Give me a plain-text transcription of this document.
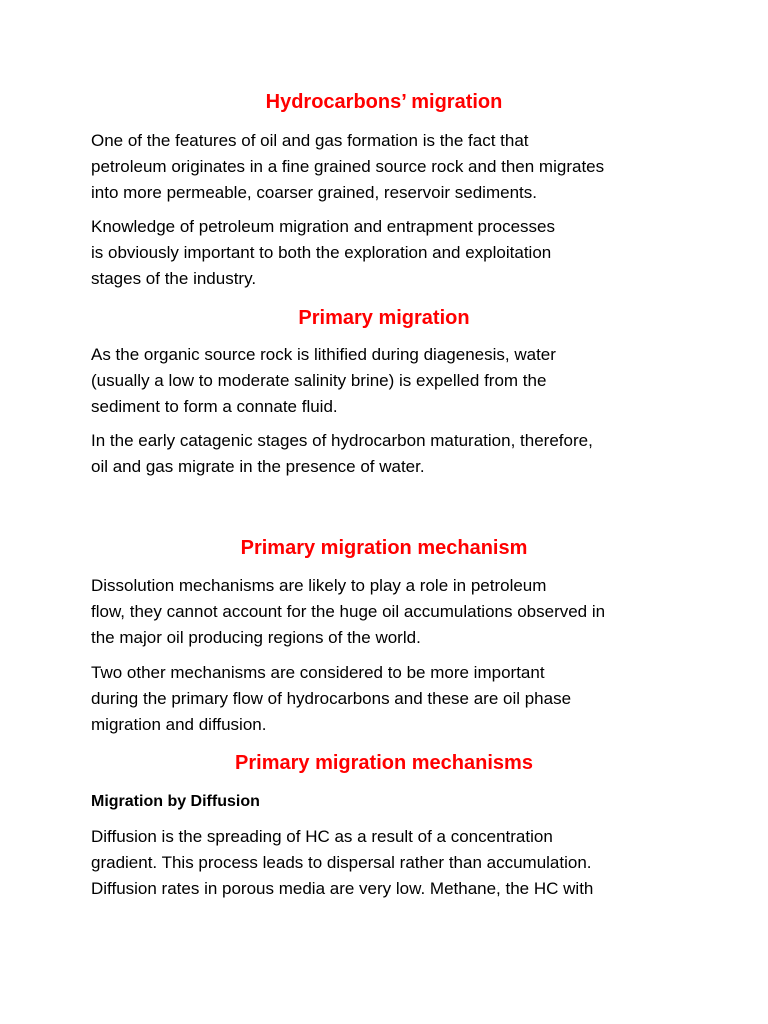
Hydrocarbons’ migration

One of the features of oil and gas formation is the fact that
petroleum originates in a fine grained source rock and then migrates
into more permeable, coarser grained, reservoir sediments.

Knowledge of petroleum migration and entrapment processes
is obviously important to both the exploration and exploitation
stages of the industry.

Primary migration

As the organic source rock is lithified during diagenesis, water
(usually a low to moderate salinity brine) is expelled from the
sediment to form a connate fluid.

In the early catagenic stages of hydrocarbon maturation, therefore,
oil and gas migrate in the presence of water.

Primary migration mechanism

Dissolution mechanisms are likely to play a role in petroleum
flow, they cannot account for the huge oil accumulations observed in
the major oil producing regions of the world.

Two other mechanisms are considered to be more important
during the primary flow of hydrocarbons and these are oil phase
migration and diffusion.

Primary migration mechanisms
Migration by Diffusion

Diffusion is the spreading of HC as a result of a concentration
gradient. This process leads to dispersal rather than accumulation.
Diffusion rates in porous media are very low. Methane, the HC with
